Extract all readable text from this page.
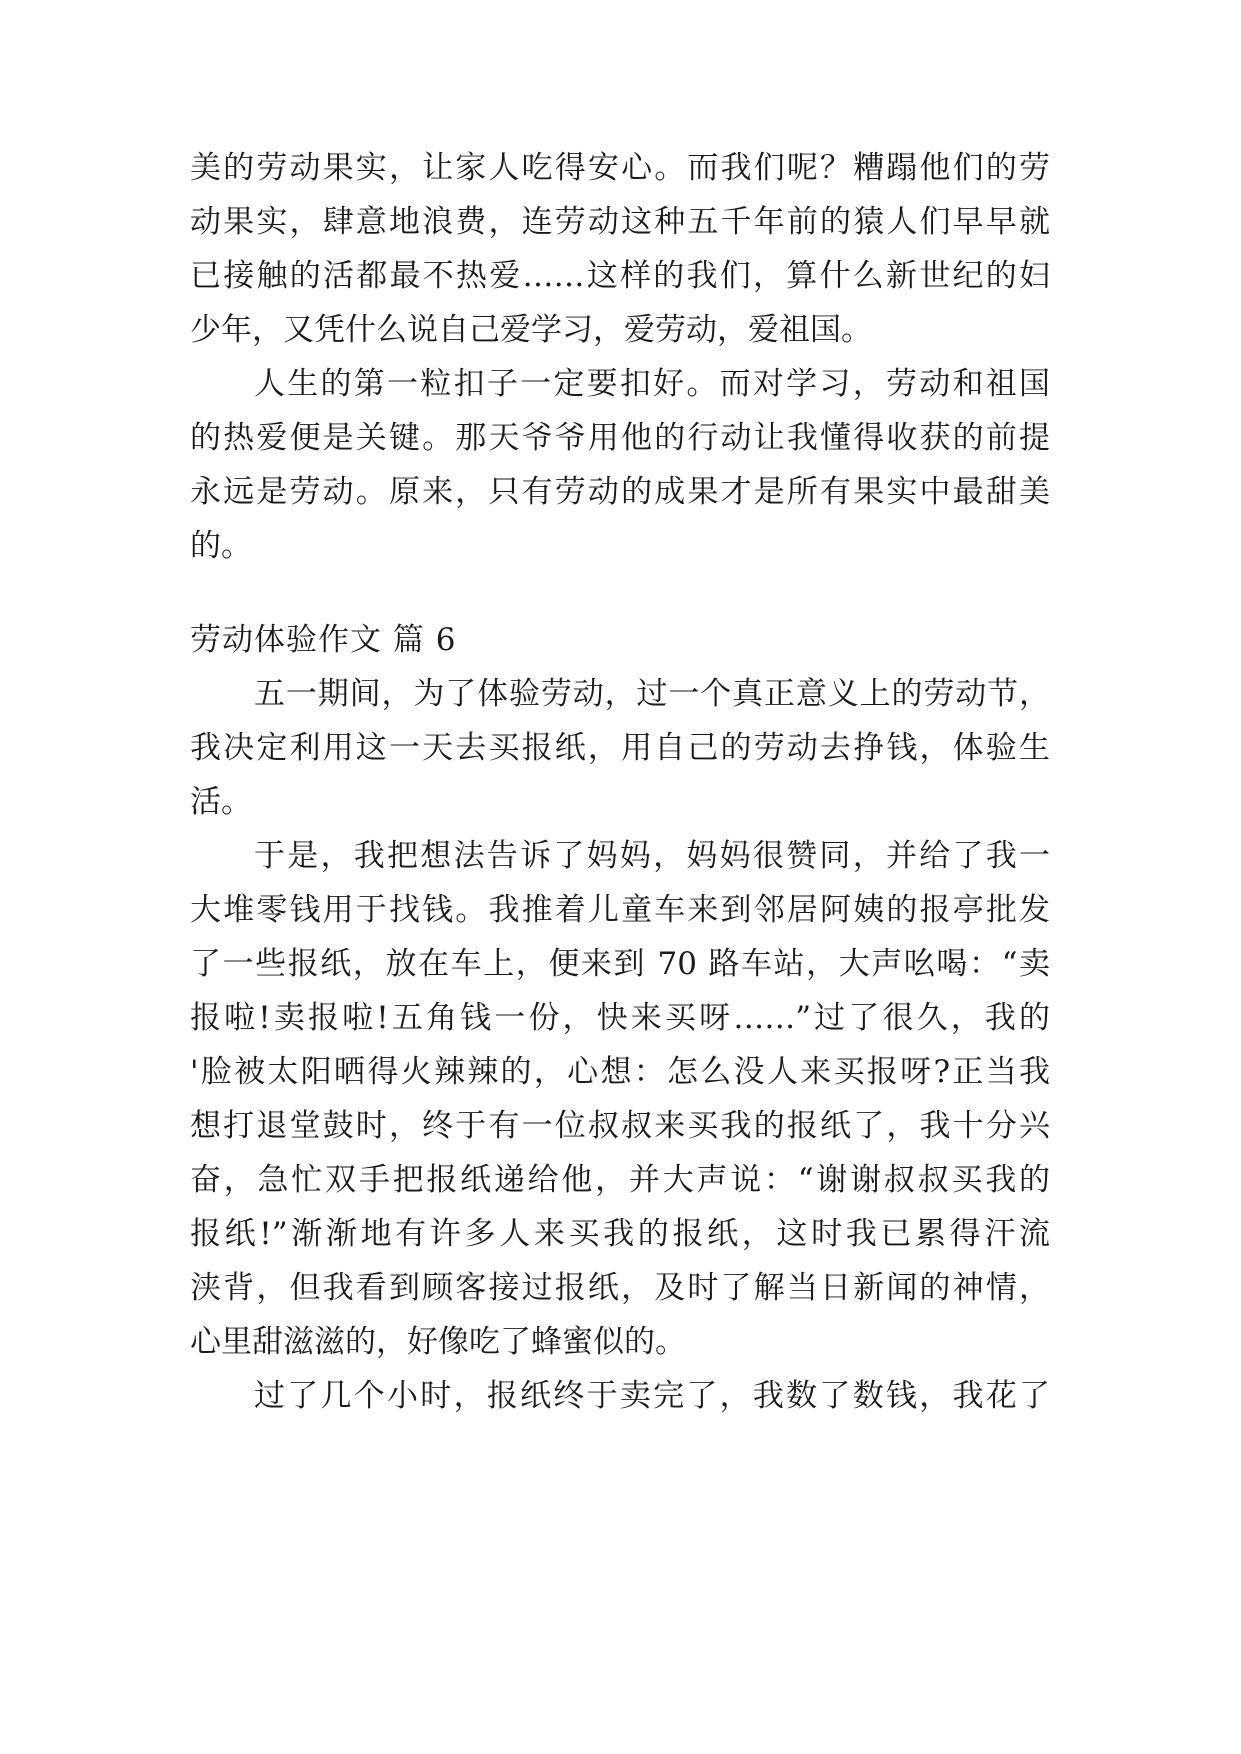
美的劳动果实，让家人吃得安心。而我们呢？糟蹋他们的劳
动果实，肆意地浪费，连劳动这种五千年前的猿人们早早就
已接触的活都最不热爱……这样的我们，算什么新世纪的妇
少年，又凭什么说自己爱学习，爱劳动，爱祖国。
人生的第一粒扣子一定要扣好。而对学习，劳动和祖国
的热爱便是关键。那天爷爷用他的行动让我懂得收获的前提
永远是劳动。原来，只有劳动的成果才是所有果实中最甜美
的。
劳动体验作文 篇 6
五一期间，为了体验劳动，过一个真正意义上的劳动节，
我决定利用这一天去买报纸，用自己的劳动去挣钱，体验生
活。
于是，我把想法告诉了妈妈，妈妈很赞同，并给了我一
大堆零钱用于找钱。我推着儿童车来到邻居阿姨的报亭批发
了一些报纸，放在车上，便来到 70 路车站，大声吆喝：“卖
报啦!卖报啦!五角钱一份，快来买呀……”过了很久，我的
'脸被太阳晒得火辣辣的，心想：怎么没人来买报呀?正当我
想打退堂鼓时，终于有一位叔叔来买我的报纸了，我十分兴
奋，急忙双手把报纸递给他，并大声说：“谢谢叔叔买我的
报纸!”渐渐地有许多人来买我的报纸，这时我已累得汗流
浃背，但我看到顾客接过报纸，及时了解当日新闻的神情，
心里甜滋滋的，好像吃了蜂蜜似的。
过了几个小时，报纸终于卖完了，我数了数钱，我花了
